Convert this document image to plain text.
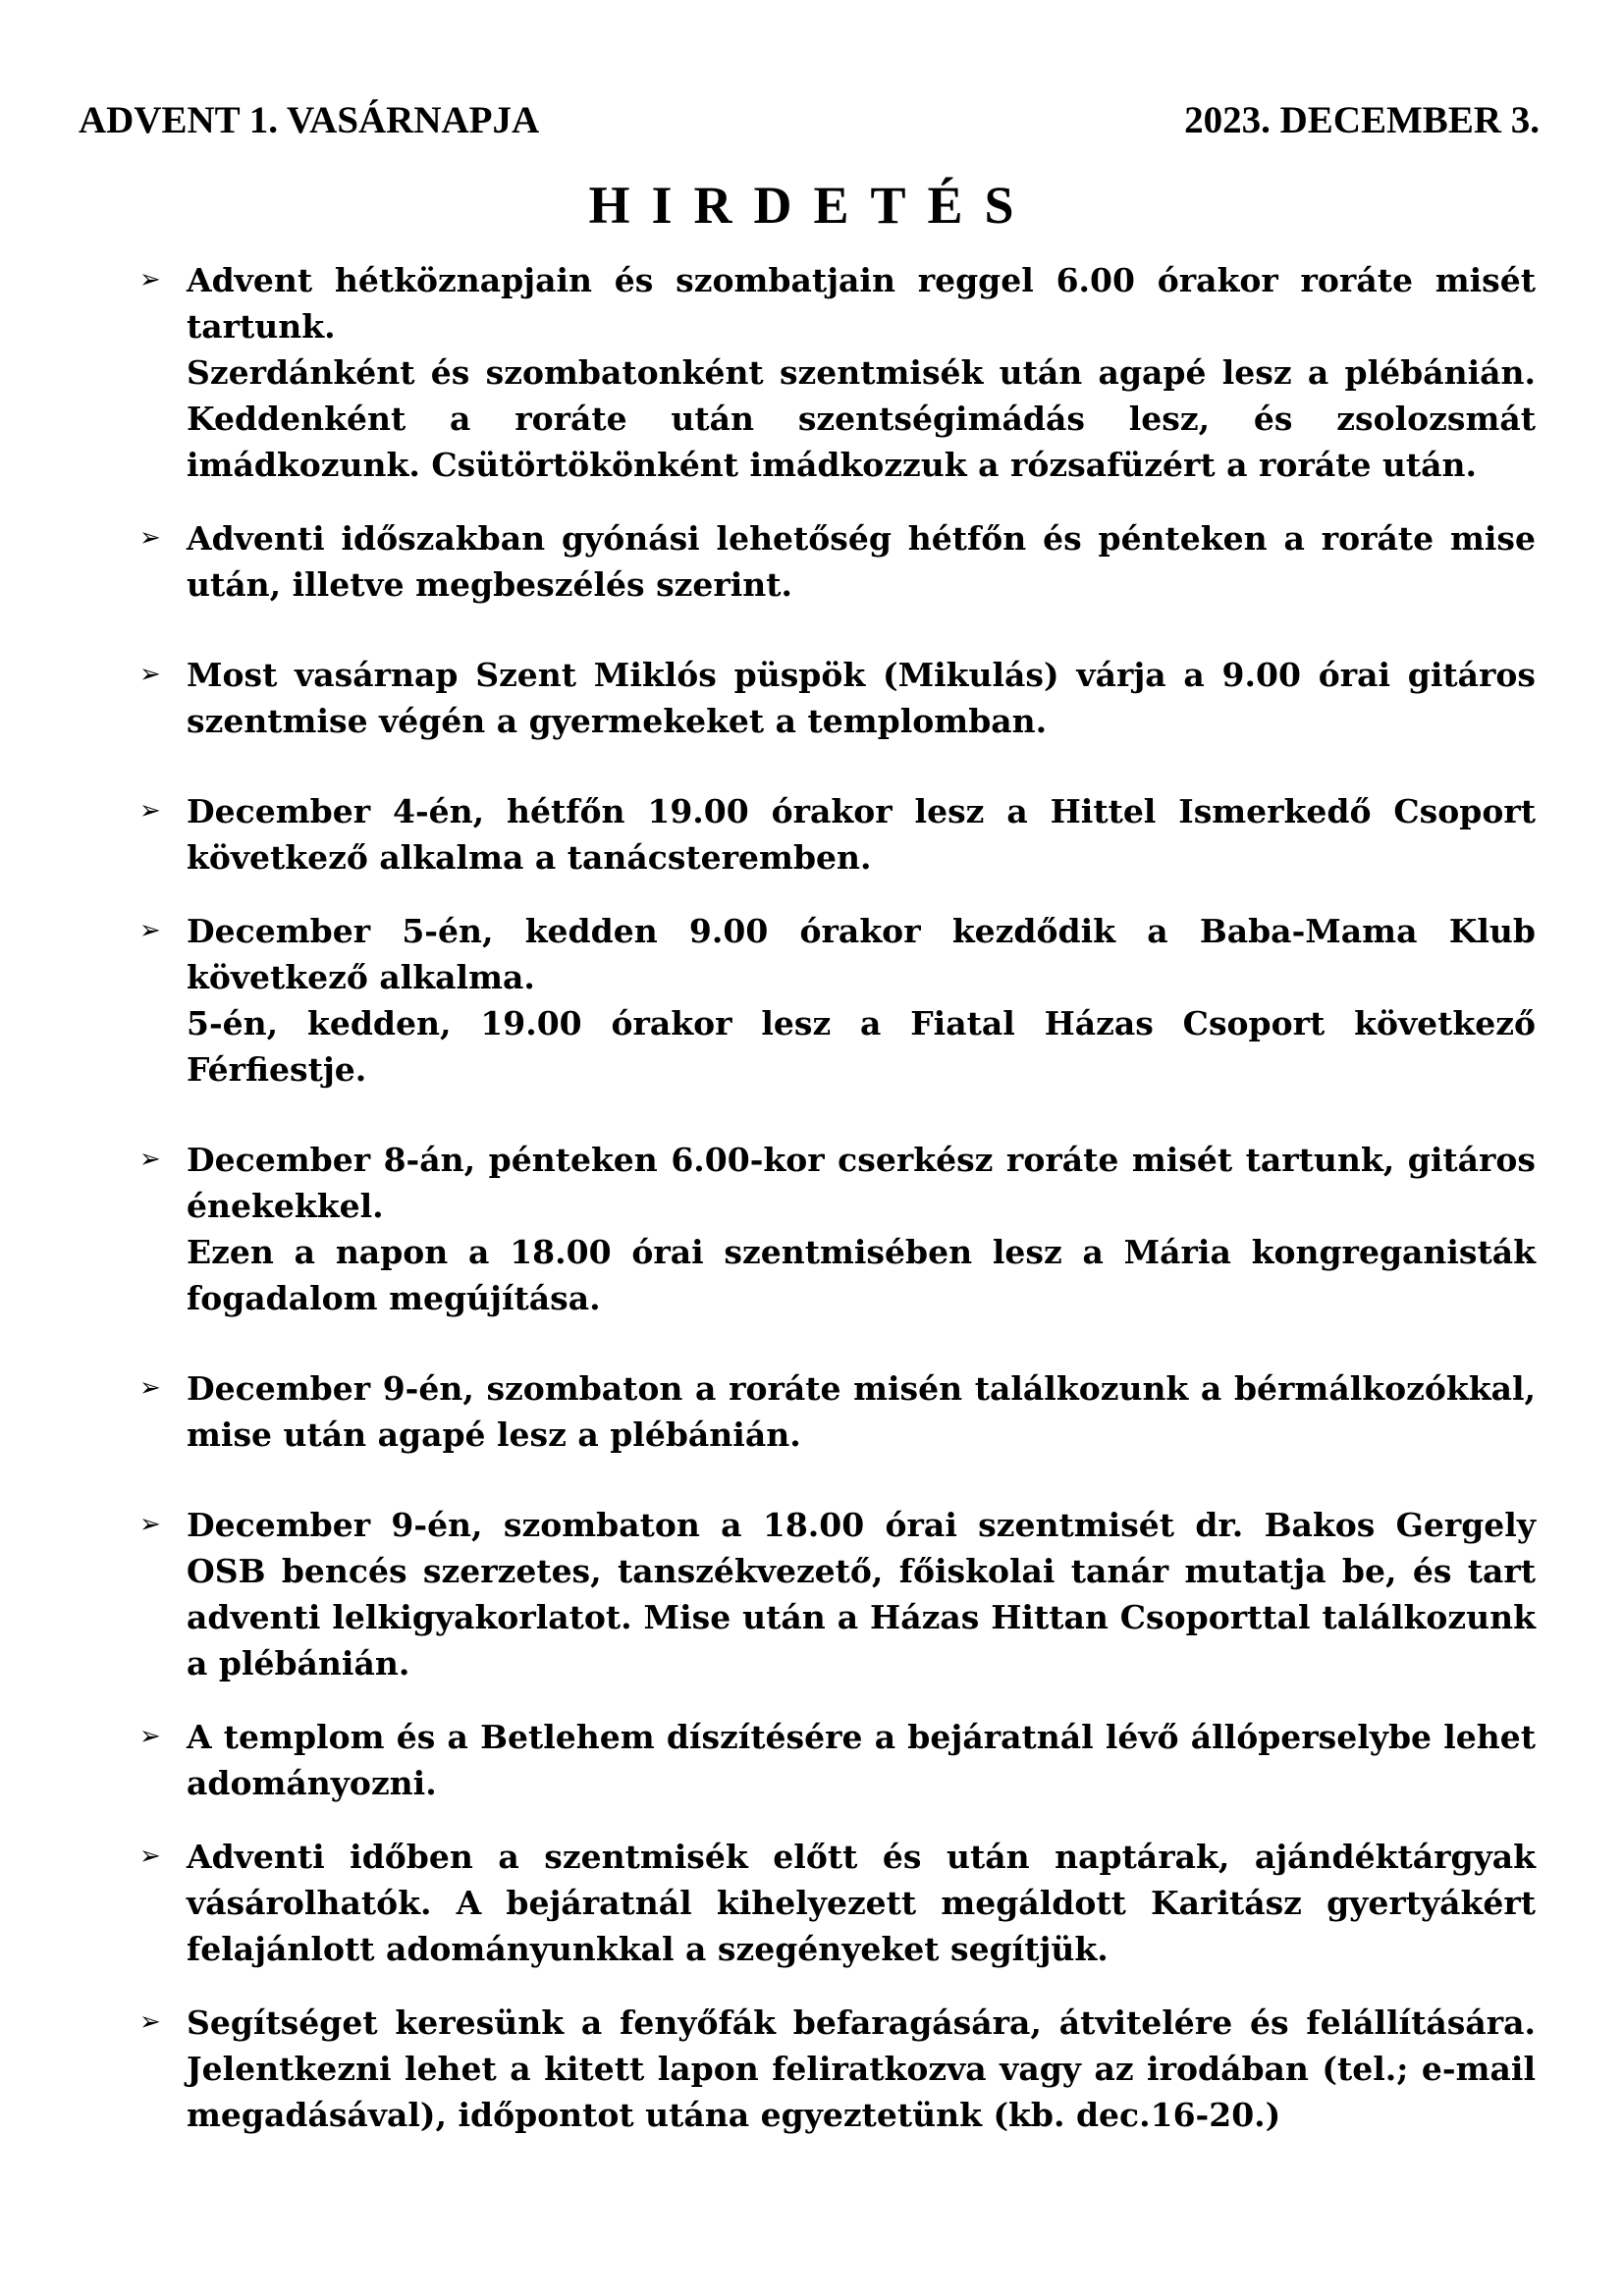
ADVENT 1. VASÁRNAPJA	2023. DECEMBER 3.
HIRDETÉS
➢ Advent hétköznapjain és szombatjain reggel 6.00 órakor roráte misét tartunk.
Szerdánként és szombatonként szentmisék után agapé lesz a plébánián. Keddenként a roráte után szentségimádás lesz, és zsolozsmát imádkozunk. Csütörtökönként imádkozzuk a rózsafüzért a roráte után.
➢ Adventi időszakban gyónási lehetőség hétfőn és pénteken a roráte mise után, illetve megbeszélés szerint.
➢ Most vasárnap Szent Miklós püspök (Mikulás) várja a 9.00 órai gitáros szentmise végén a gyermekeket a templomban.
➢ December 4-én, hétfőn 19.00 órakor lesz a Hittel Ismerkedő Csoport következő alkalma a tanácsteremben.
➢ December 5-én, kedden 9.00 órakor kezdődik a Baba-Mama Klub következő alkalma.
5-én, kedden, 19.00 órakor lesz a Fiatal Házas Csoport következő Férfiestje.
➢ December 8-án, pénteken 6.00-kor cserkész roráte misét tartunk, gitáros énekekkel.
Ezen a napon a 18.00 órai szentmisében lesz a Mária kongreganisták fogadalom megújítása.
➢ December 9-én, szombaton a roráte misén találkozunk a bérmálkozókkal, mise után agapé lesz a plébánián.
➢ December 9-én, szombaton a 18.00 órai szentmisét dr. Bakos Gergely OSB bencés szerzetes, tanszékvezető, főiskolai tanár mutatja be, és tart adventi lelkigyakorlatot. Mise után a Házas Hittan Csoporttal találkozunk a plébánián.
➢ A templom és a Betlehem díszítésére a bejáratnál lévő állóperselybe lehet adományozni.
➢ Adventi időben a szentmisék előtt és után naptárak, ajándéktárgyak vásárolhatók. A bejáratnál kihelyezett megáldott Karitász gyertyákért felajánlott adományunkkal a szegényeket segítjük.
➢ Segítséget keresünk a fenyőfák befaragására, átvitelére és felállítására. Jelentkezni lehet a kitett lapon feliratkozva vagy az irodában (tel.; e-mail megadásával), időpontot utána egyeztetünk (kb. dec.16-20.)
